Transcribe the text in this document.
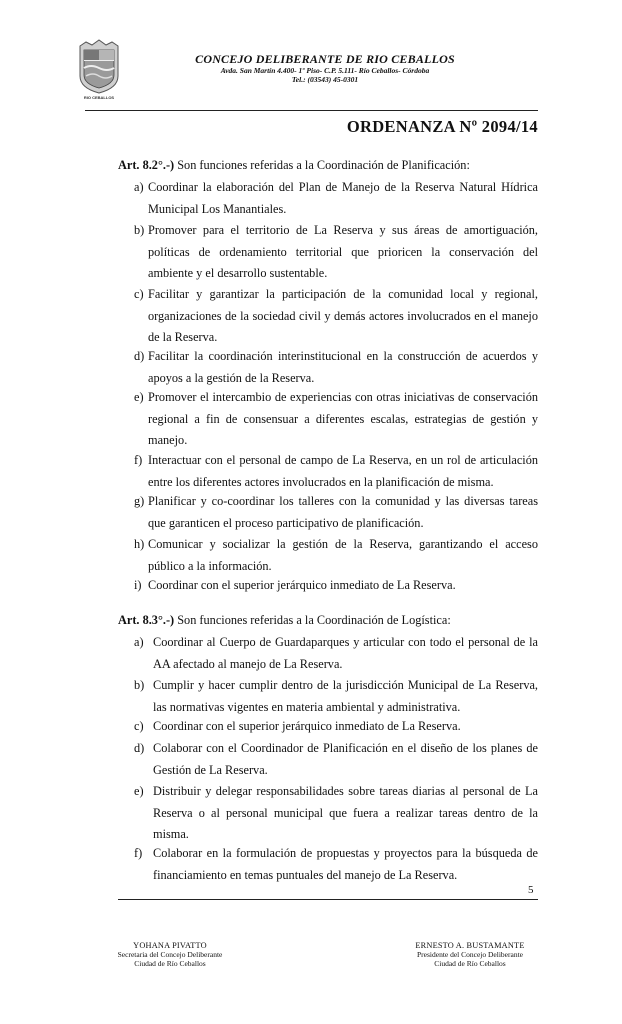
RIO CEBALLOS
CONCEJO DELIBERANTE DE RIO CEBALLOS
Avda. San Martín 4.400- 1º Piso- C.P. 5.111- Río Ceballos- Córdoba
Tel.: (03543) 45-0301
ORDENANZA Nº 2094/14
Art. 8.2°.-) Son funciones referidas a la Coordinación de Planificación:
a) Coordinar la elaboración del Plan de Manejo de la Reserva Natural Hídrica Municipal Los Manantiales.
b) Promover para el territorio de La Reserva y sus áreas de amortiguación, políticas de ordenamiento territorial que prioricen la conservación del ambiente y el desarrollo sustentable.
c) Facilitar y garantizar la participación de la comunidad local y regional, organizaciones de la sociedad civil y demás actores involucrados en el manejo de la Reserva.
d) Facilitar la coordinación interinstitucional en la construcción de acuerdos y apoyos a la gestión de la Reserva.
e) Promover el intercambio de experiencias con otras iniciativas de conservación regional a fin de consensuar a diferentes escalas, estrategias de gestión y manejo.
f) Interactuar con el personal de campo de La Reserva, en un rol de articulación entre los diferentes actores involucrados en la planificación de misma.
g) Planificar y co-coordinar los talleres con la comunidad y las diversas tareas que garanticen el proceso participativo de planificación.
h) Comunicar y socializar la gestión de la Reserva, garantizando el acceso público a la información.
i) Coordinar con el superior jerárquico inmediato de La Reserva.
Art. 8.3°.-) Son funciones referidas a la Coordinación de Logística:
a) Coordinar al Cuerpo de Guardaparques y articular con todo el personal de la AA afectado al manejo de La Reserva.
b) Cumplir y hacer cumplir dentro de la jurisdicción Municipal de La Reserva, las normativas vigentes en materia ambiental y administrativa.
c) Coordinar con el superior jerárquico inmediato de La Reserva.
d) Colaborar con el Coordinador de Planificación en el diseño de los planes de Gestión de La Reserva.
e) Distribuir y delegar responsabilidades sobre tareas diarias al personal de La Reserva o al personal municipal que fuera a realizar tareas dentro de la misma.
f) Colaborar en la formulación de propuestas y proyectos para la búsqueda de financiamiento en temas puntuales del manejo de La Reserva.
5
YOHANA PIVATTO
Secretaria del Concejo Deliberante
Ciudad de Río Ceballos
ERNESTO A. BUSTAMANTE
Presidente del Concejo Deliberante
Ciudad de Río Ceballos
